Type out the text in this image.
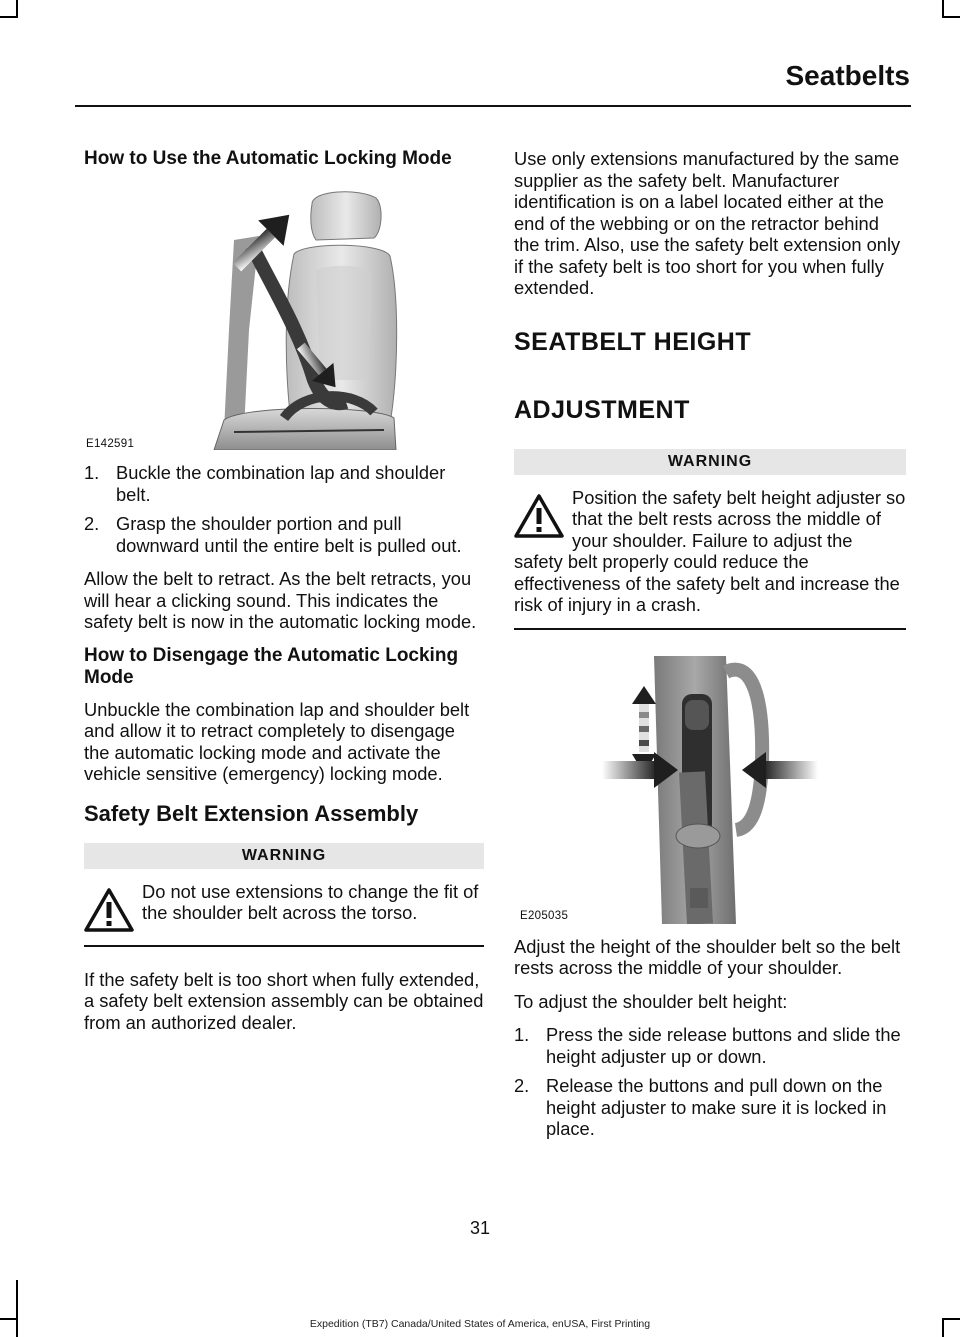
Seatbelts
How to Use the Automatic Locking Mode
E142591
1. Buckle the combination lap and shoulder belt.
2. Grasp the shoulder portion and pull downward until the entire belt is pulled out.

Allow the belt to retract. As the belt retracts, you will hear a clicking sound. This indicates the safety belt is now in the automatic locking mode.

How to Disengage the Automatic Locking Mode

Unbuckle the combination lap and shoulder belt and allow it to retract completely to disengage the automatic locking mode and activate the vehicle sensitive (emergency) locking mode.

Safety Belt Extension Assembly
WARNING
Do not use extensions to change the fit of the shoulder belt across the torso.

If the safety belt is too short when fully extended, a safety belt extension assembly can be obtained from an authorized dealer.

Use only extensions manufactured by the same supplier as the safety belt. Manufacturer identification is on a label located either at the end of the webbing or on the retractor behind the trim. Also, use the safety belt extension only if the safety belt is too short for you when fully extended.

SEATBELT HEIGHT

ADJUSTMENT
WARNING
Position the safety belt height adjuster so that the belt rests across the middle of your shoulder. Failure to adjust the safety belt properly could reduce the effectiveness of the safety belt and increase the risk of injury in a crash.
E205035

Adjust the height of the shoulder belt so the belt rests across the middle of your shoulder.

To adjust the shoulder belt height:

1. Press the side release buttons and slide the height adjuster up or down.
2. Release the buttons and pull down on the height adjuster to make sure it is locked in place.
31
Expedition (TB7) Canada/United States of America, enUSA, First Printing
